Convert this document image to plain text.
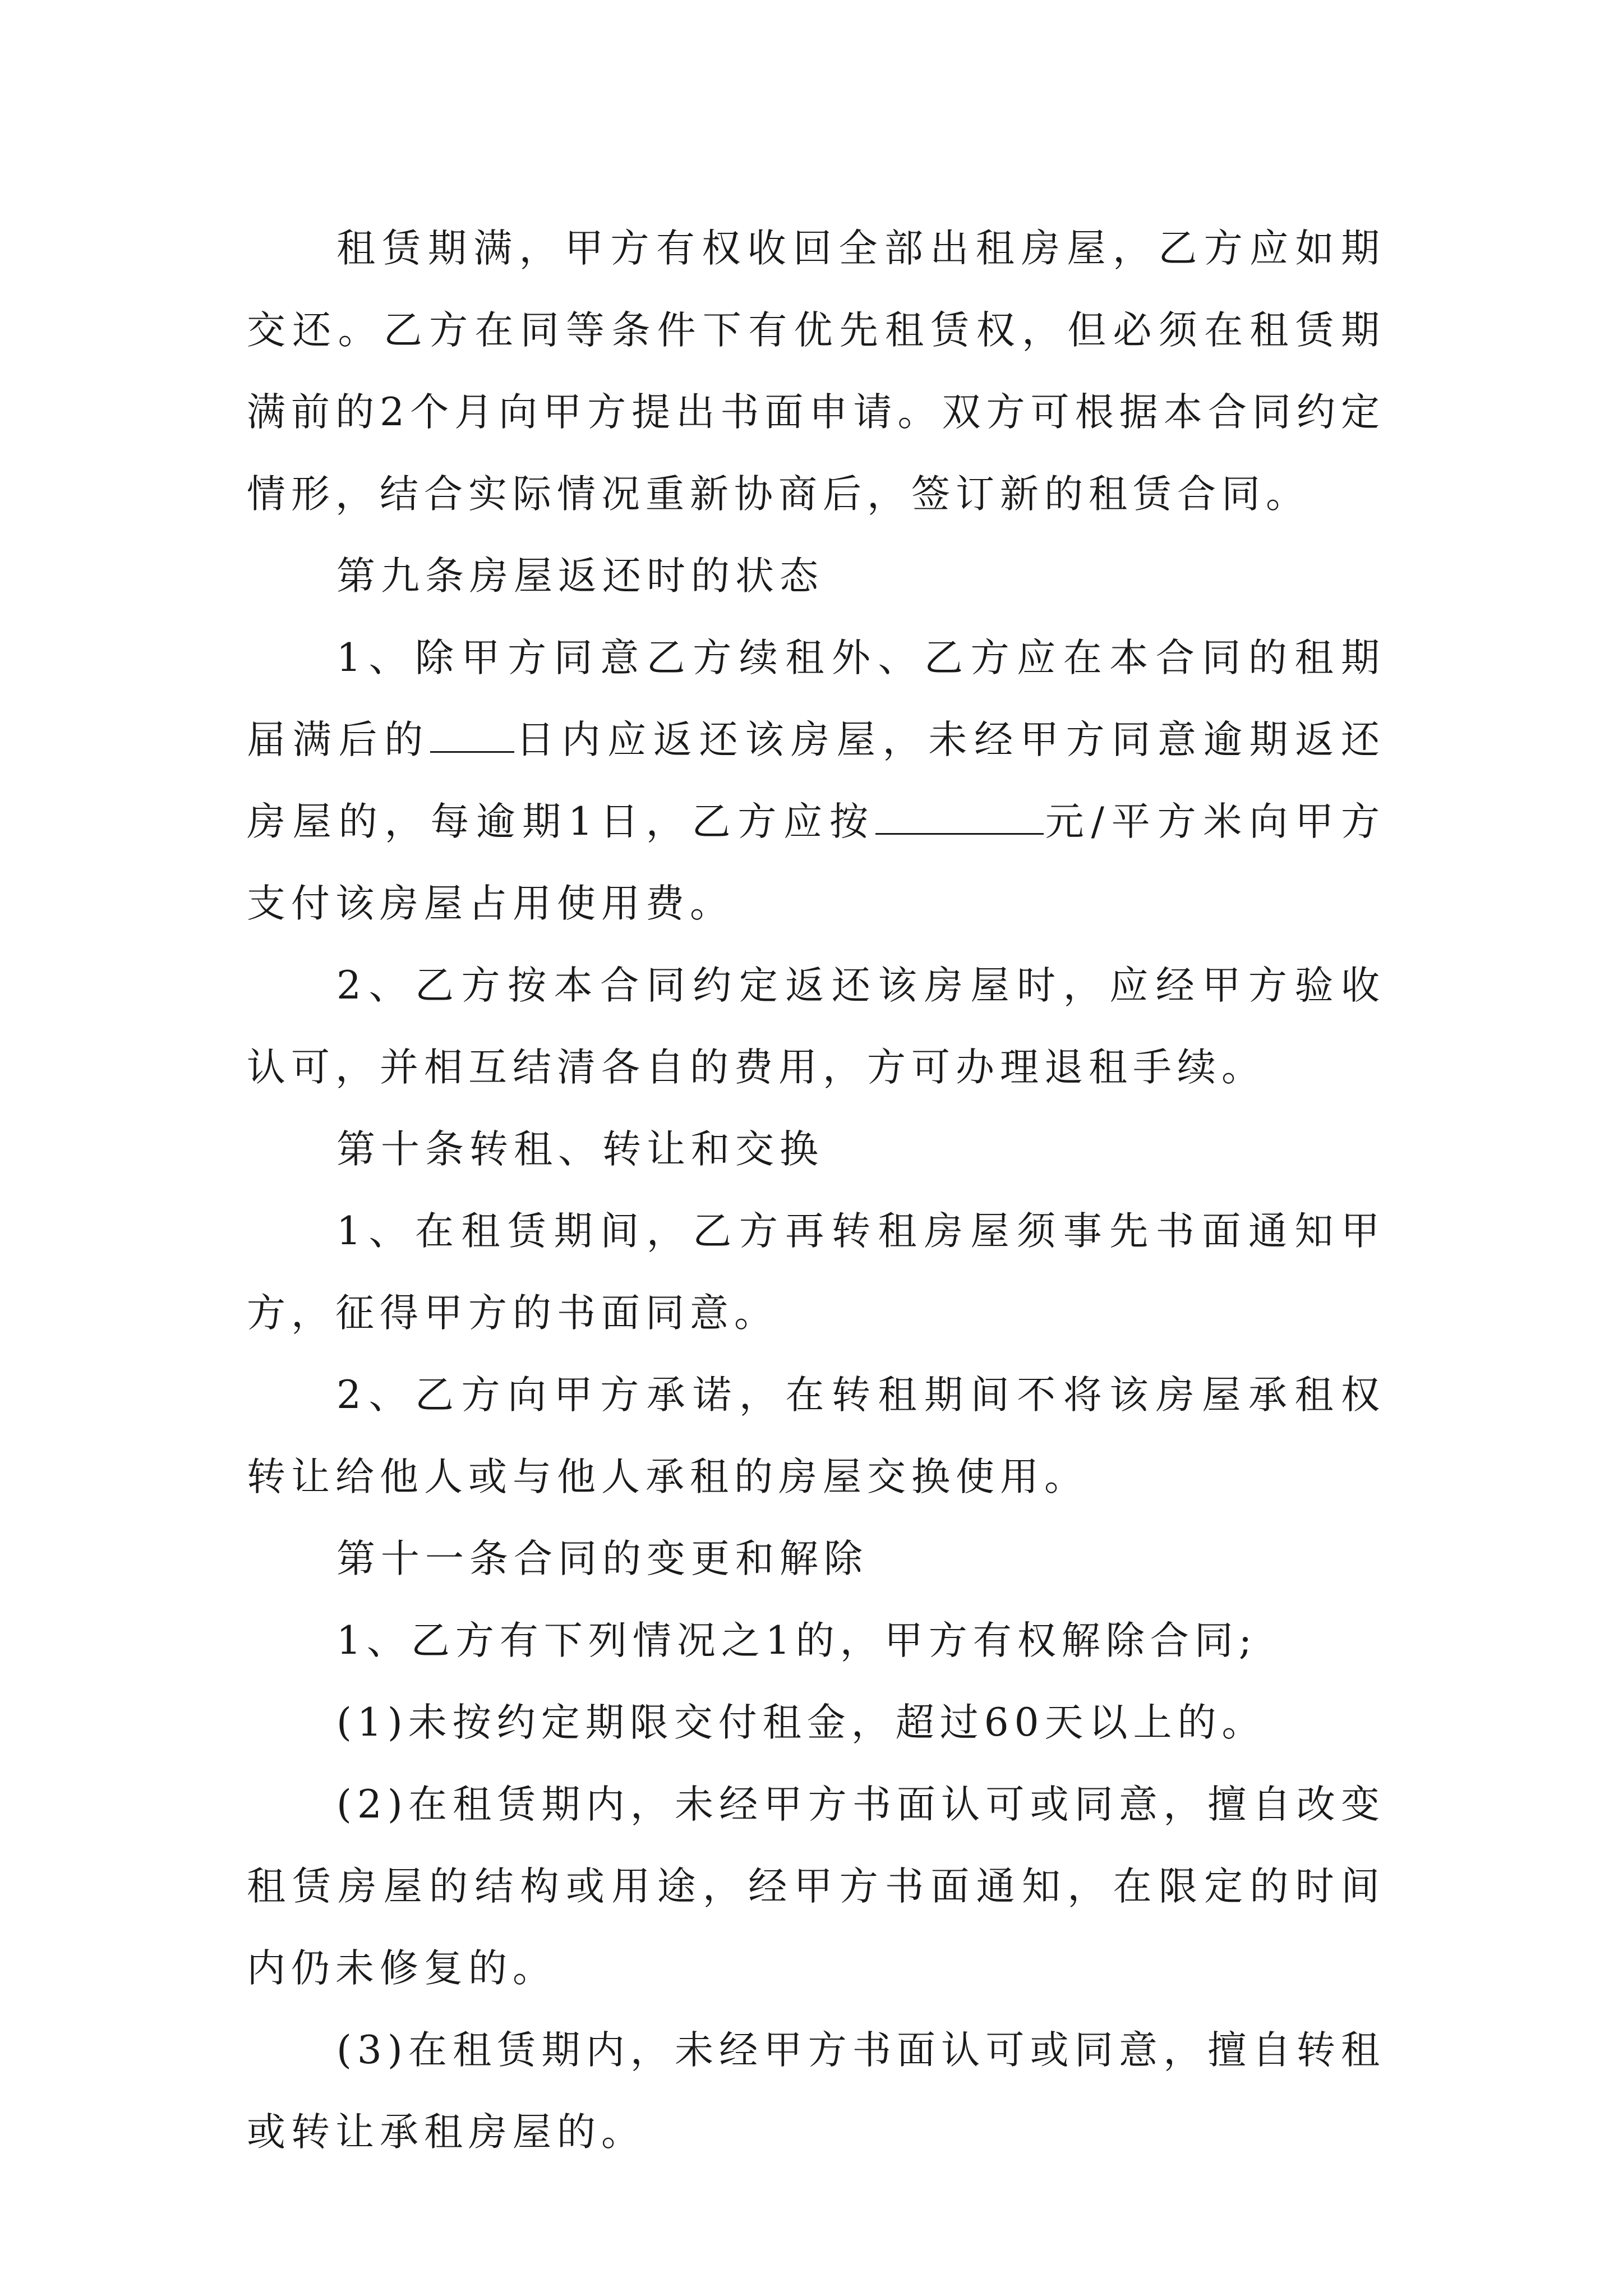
租赁期满，甲方有权收回全部出租房屋，乙方应如期交还。乙方在同等条件下有优先租赁权，但必须在租赁期满前的2个月向甲方提出书面申请。双方可根据本合同约定情形，结合实际情况重新协商后，签订新的租赁合同。

第九条房屋返还时的状态

1、除甲方同意乙方续租外、乙方应在本合同的租期届满后的 日内应返还该房屋，未经甲方同意逾期返还房屋的，每逾期1日，乙方应按	元/平方米向甲方支付该房屋占用使用费。

2、乙方按本合同约定返还该房屋时，应经甲方验收认可，并相互结清各自的费用，方可办理退租手续。

第十条转租、转让和交换

1、在租赁期间，乙方再转租房屋须事先书面通知甲方，征得甲方的书面同意。

2、乙方向甲方承诺，在转租期间不将该房屋承租权转让给他人或与他人承租的房屋交换使用。

第十一条合同的变更和解除

1、乙方有下列情况之1的，甲方有权解除合同;

(1)未按约定期限交付租金，超过60天以上的。

(2)在租赁期内，未经甲方书面认可或同意，擅自改变租赁房屋的结构或用途，经甲方书面通知，在限定的时间内仍未修复的。

(3)在租赁期内，未经甲方书面认可或同意，擅自转租或转让承租房屋的。
